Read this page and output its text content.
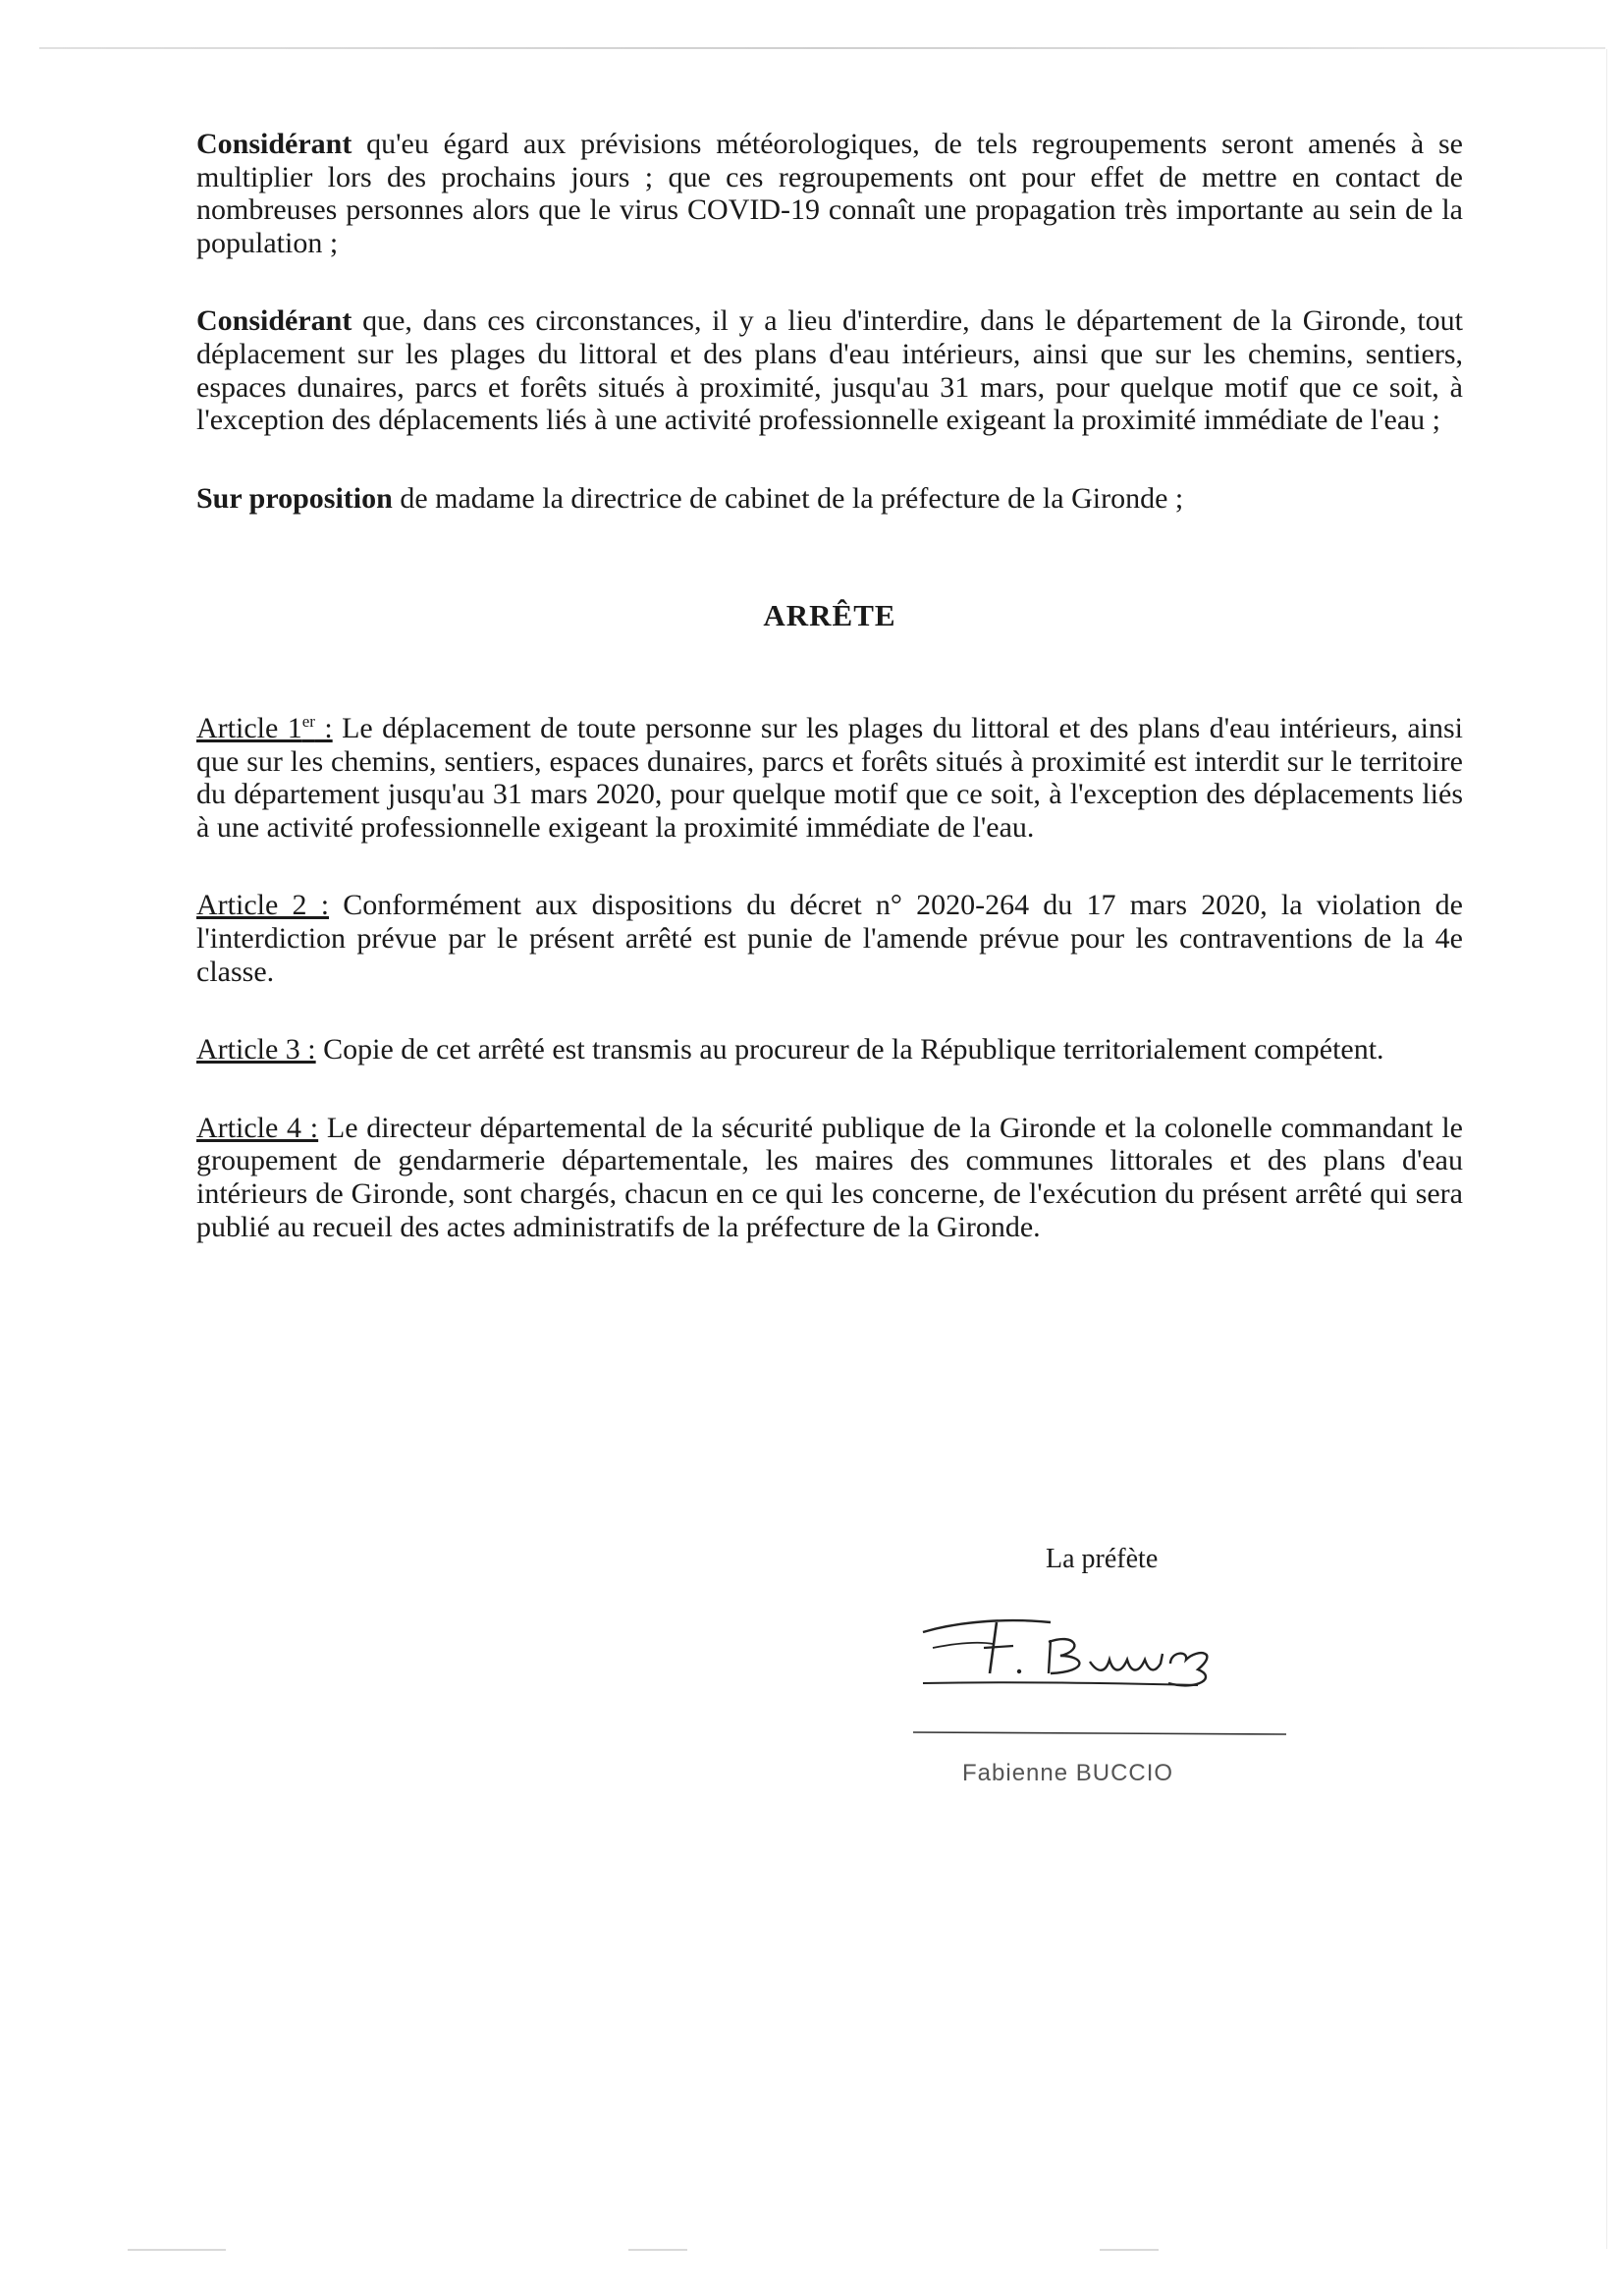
Considérant qu'eu égard aux prévisions météorologiques, de tels regroupements seront amenés à se multiplier lors des prochains jours ; que ces regroupements ont pour effet de mettre en contact de nombreuses personnes alors que le virus COVID-19 connaît une propagation très importante au sein de la population ;

Considérant que, dans ces circonstances, il y a lieu d'interdire, dans le département de la Gironde, tout déplacement sur les plages du littoral et des plans d'eau intérieurs, ainsi que sur les chemins, sentiers, espaces dunaires, parcs et forêts situés à proximité, jusqu'au 31 mars, pour quelque motif que ce soit, à l'exception des déplacements liés à une activité professionnelle exigeant la proximité immédiate de l'eau ;

Sur proposition de madame la directrice de cabinet de la préfecture de la Gironde ;

ARRÊTE

Article 1er : Le déplacement de toute personne sur les plages du littoral et des plans d'eau intérieurs, ainsi que sur les chemins, sentiers, espaces dunaires, parcs et forêts situés à proximité est interdit sur le territoire du département jusqu'au 31 mars 2020, pour quelque motif que ce soit, à l'exception des déplacements liés à une activité professionnelle exigeant la proximité immédiate de l'eau.

Article 2 : Conformément aux dispositions du décret n° 2020-264 du 17 mars 2020, la violation de l'interdiction prévue par le présent arrêté est punie de l'amende prévue pour les contraventions de la 4e classe.

Article 3 : Copie de cet arrêté est transmis au procureur de la République territorialement compétent.

Article 4 : Le directeur départemental de la sécurité publique de la Gironde et la colonelle commandant le groupement de gendarmerie départementale, les maires des communes littorales et des plans d'eau intérieurs de Gironde, sont chargés, chacun en ce qui les concerne, de l'exécution du présent arrêté qui sera publié au recueil des actes administratifs de la préfecture de la Gironde.

La préfète
Fabienne BUCCIO
